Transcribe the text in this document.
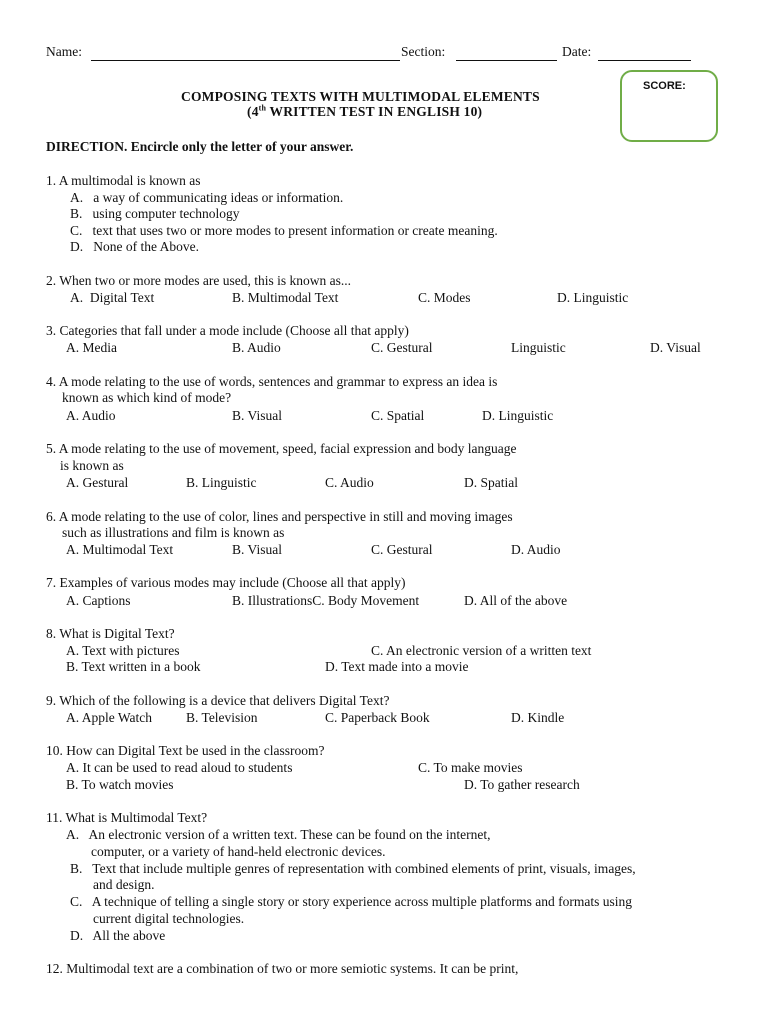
Name:	Section:	Date:
SCORE:
COMPOSING TEXTS WITH MULTIMODAL ELEMENTS
(4th WRITTEN TEST IN ENGLISH 10)
DIRECTION. Encircle only the letter of your answer.
1. A multimodal is known as
A.   a way of communicating ideas or information.
B.   using computer technology
C.   text that uses two or more modes to present information or create meaning.
D.   None of the Above.
2. When two or more modes are used, this is known as...
A.  Digital Text	B. Multimodal Text	C. Modes	D. Linguistic
3. Categories that fall under a mode include (Choose all that apply)
A. Media	B. Audio	C. Gestural	Linguistic	D. Visual
4. A mode relating to the use of words, sentences and grammar to express an idea is
known as which kind of mode?
A. Audio	B. Visual	C. Spatial	D. Linguistic
5. A mode relating to the use of movement, speed, facial expression and body language
is known as
A. Gestural	B. Linguistic	C. Audio	D. Spatial
6. A mode relating to the use of color, lines and perspective in still and moving images
such as illustrations and film is known as
A. Multimodal Text	B. Visual	C. Gestural	D. Audio
7. Examples of various modes may include (Choose all that apply)
A. Captions	B. IllustrationsC. Body Movement	D. All of the above
8. What is Digital Text?
A. Text with pictures	C. An electronic version of a written text
B. Text written in a book	D. Text made into a movie
9. Which of the following is a device that delivers Digital Text?
A. Apple Watch	B. Television	C. Paperback Book	D. Kindle
10. How can Digital Text be used in the classroom?
A. It can be used to read aloud to students	C. To make movies
B. To watch movies	D. To gather research
11. What is Multimodal Text?
A.   An electronic version of a written text. These can be found on the internet,
computer, or a variety of hand-held electronic devices.
B.   Text that include multiple genres of representation with combined elements of print, visuals, images,
and design.
C.   A technique of telling a single story or story experience across multiple platforms and formats using
current digital technologies.
D.   All the above
12. Multimodal text are a combination of two or more semiotic systems. It can be print,
